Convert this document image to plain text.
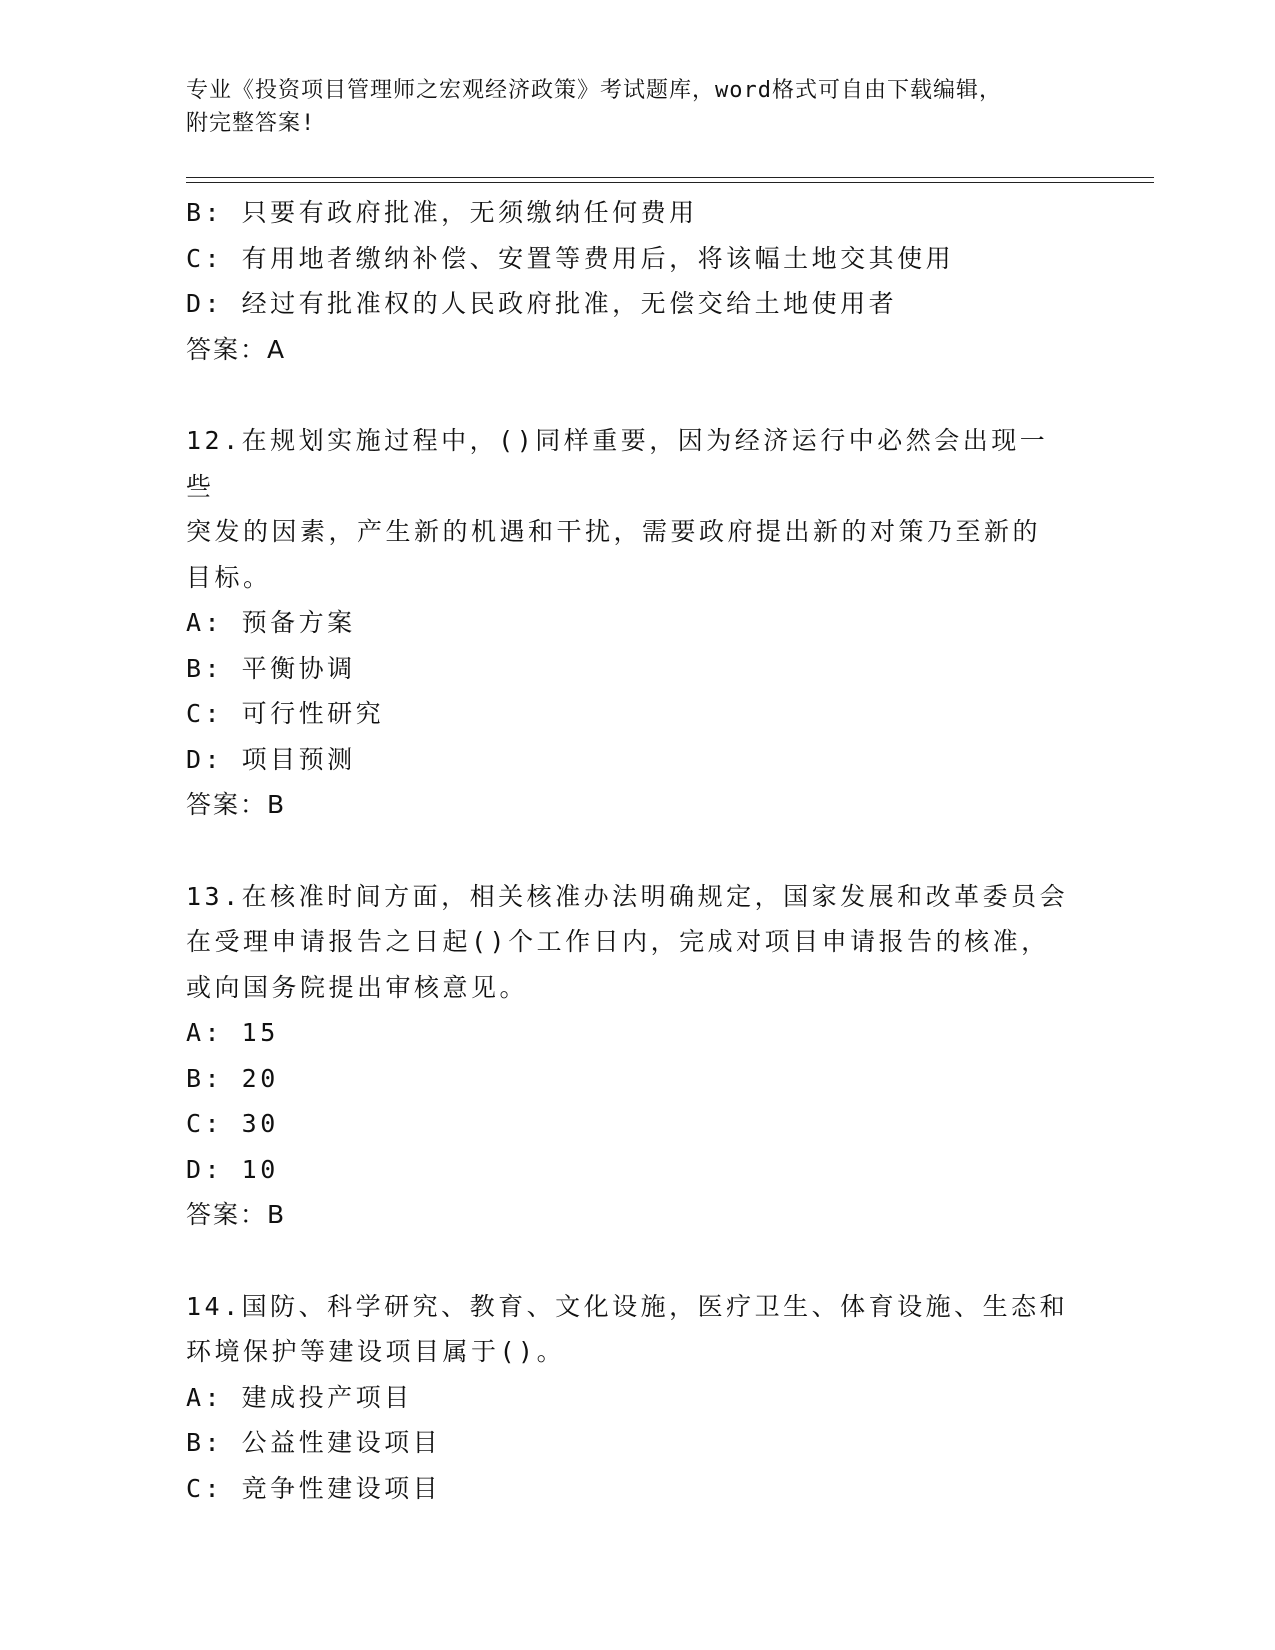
专业《投资项目管理师之宏观经济政策》考试题库，word格式可自由下载编辑，
附完整答案!

B: 只要有政府批准，无须缴纳任何费用

C: 有用地者缴纳补偿、安置等费用后，将该幅土地交其使用

D: 经过有批准权的人民政府批准，无偿交给土地使用者

答案：A

12.在规划实施过程中，()同样重要，因为经济运行中必然会出现一些

突发的因素，产生新的机遇和干扰，需要政府提出新的对策乃至新的

目标。

A: 预备方案

B: 平衡协调

C: 可行性研究

D: 项目预测

答案：B

13.在核准时间方面，相关核准办法明确规定，国家发展和改革委员会

在受理申请报告之日起()个工作日内，完成对项目申请报告的核准，

或向国务院提出审核意见。

A: 15

B: 20

C: 30

D: 10

答案：B

14.国防、科学研究、教育、文化设施，医疗卫生、体育设施、生态和

环境保护等建设项目属于()。

A: 建成投产项目

B: 公益性建设项目

C: 竞争性建设项目
